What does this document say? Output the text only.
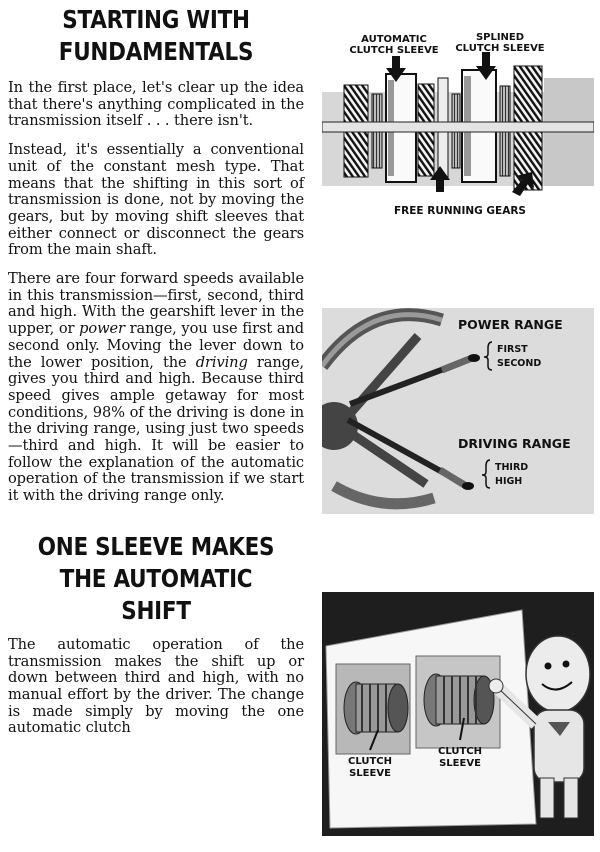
STARTING WITH
FUNDAMENTALS

In the first place, let's clear up the idea that there's anything complicated in the transmission itself . . . there isn't.

Instead, it's essentially a conventional unit of the constant mesh type. That means that the shifting in this sort of transmission is done, not by moving the gears, but by moving shift sleeves that either connect or disconnect the gears from the main shaft.

There are four forward speeds available in this transmission—first, second, third and high. With the gearshift lever in the upper, or power range, you use first and second only. Moving the lever down to the lower position, the driving range, gives you third and high. Because third speed gives ample getaway for most conditions, 98% of the driving is done in the driving range, using just two speeds—third and high. It will be easier to follow the explanation of the automatic operation of the transmission if we start it with the driving range only.

ONE SLEEVE MAKES
THE AUTOMATIC SHIFT

The automatic operation of the transmission makes the shift up or down between third and high, with no manual effort by the driver. The change is made simply by moving the one automatic clutch

AUTOMATIC
CLUTCH SLEEVE
SPLINED
CLUTCH SLEEVE
FREE RUNNING GEARS
POWER RANGE
FIRST
SECOND
DRIVING RANGE
THIRD
HIGH
CLUTCH
SLEEVE
CLUTCH
SLEEVE
